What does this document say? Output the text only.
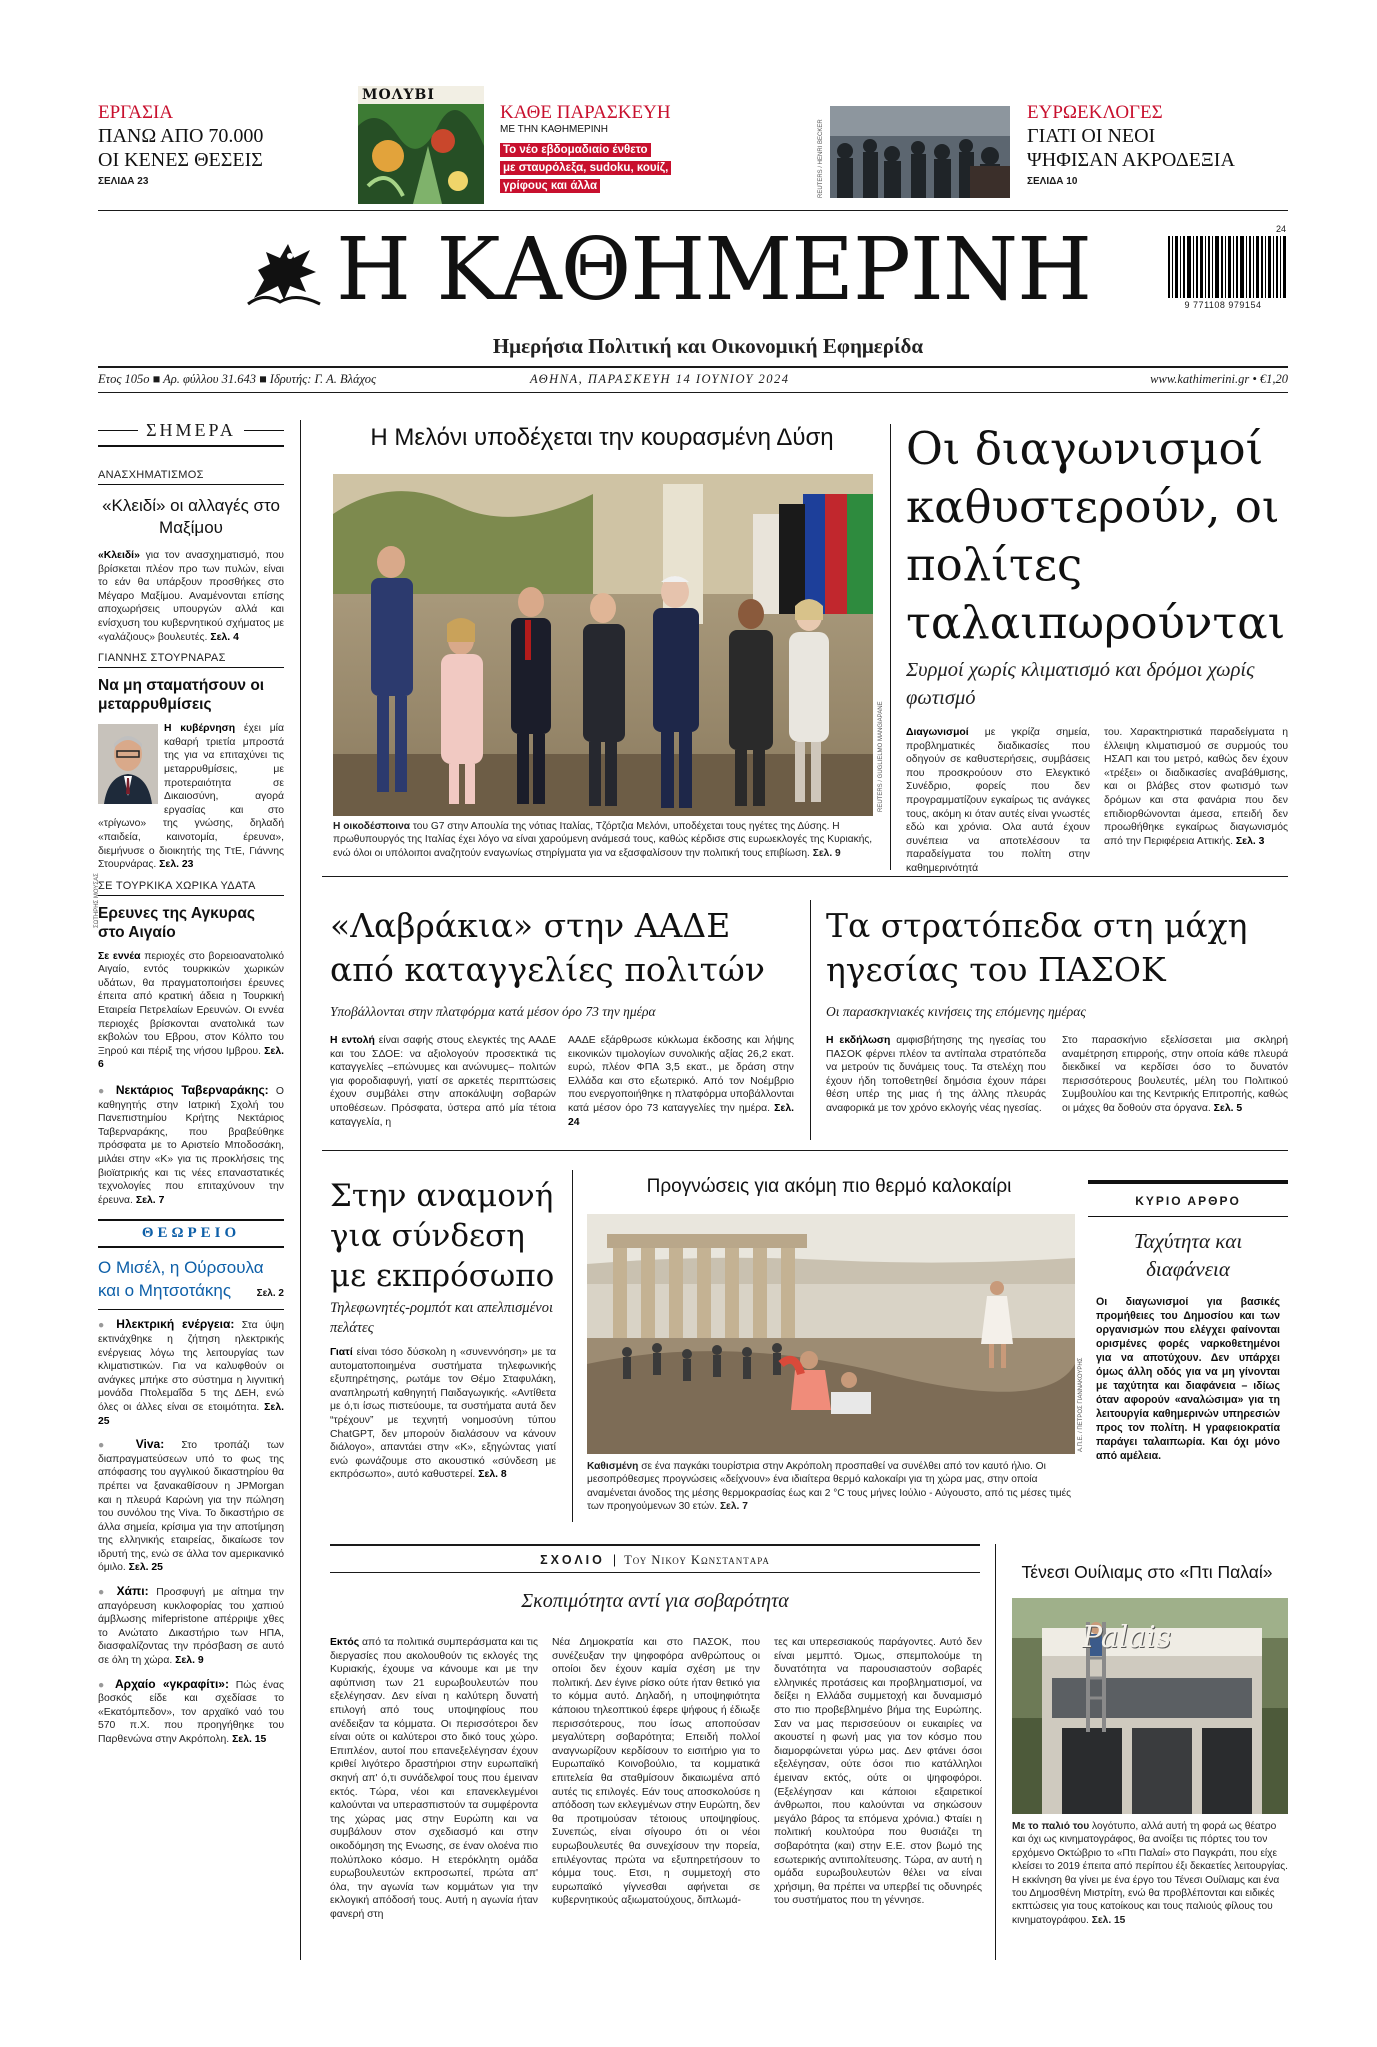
ΕΡΓΑΣΙΑ
ΠΑΝΩ ΑΠΟ 70.000
ΟΙ ΚΕΝΕΣ ΘΕΣΕΙΣ
ΣΕΛΙΔΑ 23
ΜΟΛΥΒΙ
ΚΑΘΕ ΠΑΡΑΣΚΕΥΗ
ΜΕ ΤΗΝ ΚΑΘΗΜΕΡΙΝΗ
Το νέο εβδομαδιαίο ένθετο
με σταυρόλεξα, sudoku, κουίζ,
γρίφους και άλλα	REUTERS / HENRI BECKER
ΕΥΡΩΕΚΛΟΓΕΣ
ΓΙΑΤΙ ΟΙ ΝΕΟΙ
ΨΗΦΙΣΑΝ ΑΚΡΟΔΕΞΙΑ
ΣΕΛΙΔΑ 10
Η ΚΑΘΗΜΕΡΙΝΗ
Ημερήσια Πολιτική και Οικονομική Εφημερίδα
24
9 771108 979154
Ετος 105ο ■ Αρ. φύλλου 31.643 ■ Ιδρυτής: Γ. Α. Βλάχος	ΑΘΗΝΑ, ΠΑΡΑΣΚΕΥΗ 14 ΙΟΥΝΙΟΥ 2024	www.kathimerini.gr • €1,20
ΣΗΜΕΡΑ
ΑΝΑΣΧΗΜΑΤΙΣΜΟΣ
«Κλειδί» οι αλλαγές στο Μαξίμου
«Κλειδί» για τον ανασχηματισμό, που βρίσκεται πλέον προ των πυλών, είναι το εάν θα υπάρξουν προσθήκες στο Μέγαρο Μαξίμου. Αναμένονται επίσης αποχωρήσεις υπουργών αλλά και ενίσχυση του κυβερνητικού σχήματος με «γαλάζιους» βουλευτές. Σελ. 4
ΓΙΑΝΝΗΣ ΣΤΟΥΡΝΑΡΑΣ
Να μη σταματήσουν οι μεταρρυθμίσεις
Η κυβέρνηση έχει μία καθαρή τριετία μπροστά της για να επιταχύνει τις μεταρρυθμίσεις, με προτεραιότητα σε Δικαιοσύνη, αγορά εργασίας και στο «τρίγωνο» της γνώσης, δηλαδή «παιδεία, καινοτομία, έρευνα», διεμήνυσε ο διοικητής της ΤτΕ, Γιάννης Στουρνάρας. Σελ. 23
ΣΕ ΤΟΥΡΚΙΚΑ ΧΩΡΙΚΑ ΥΔΑΤΑ
Ερευνες της Αγκυρας στο Αιγαίο
Σε εννέα περιοχές στο βορειοανατολικό Αιγαίο, εντός τουρκικών χωρικών υδάτων, θα πραγματοποιήσει έρευνες έπειτα από κρατική άδεια η Τουρκική Εταιρεία Πετρελαίων Ερευνών. Οι εννέα περιοχές βρίσκονται ανατολικά των εκβολών του Εβρου, στον Κόλπο του Ξηρού και πέριξ της νήσου Ιμβρου. Σελ. 6
● Νεκτάριος Ταβερναράκης: Ο καθηγητής στην Ιατρική Σχολή του Πανεπιστημίου Κρήτης Νεκτάριος Ταβερναράκης, που βραβεύθηκε πρόσφατα με το Αριστείο Μποδοσάκη, μιλάει στην «Κ» για τις προκλήσεις της βιοϊατρικής και τις νέες επαναστατικές τεχνολογίες που επιταχύνουν την έρευνα. Σελ. 7
ΘΕΩΡΕΙΟ
Ο Μισέλ, η Ούρσουλα και ο Μητσοτάκης	Σελ. 2
● Ηλεκτρική ενέργεια: Στα ύψη εκτινάχθηκε η ζήτηση ηλεκτρικής ενέργειας λόγω της λειτουργίας των κλιματιστικών. Για να καλυφθούν οι ανάγκες μπήκε στο σύστημα η λιγνιτική μονάδα Πτολεμαΐδα 5 της ΔΕΗ, ενώ όλες οι άλλες είναι σε ετοιμότητα. Σελ. 25
● Viva: Στο τροπάζι των διαπραγματεύσεων υπό το φως της απόφασης του αγγλικού δικαστηρίου θα πρέπει να ξανακαθίσουν η JPMorgan και η πλευρά Καρώνη για την πώληση του συνόλου της Viva. Το δικαστήριο σε άλλα σημεία, κρίσιμα για την αποτίμηση της ελληνικής εταιρείας, δικαίωσε τον ιδρυτή της, ενώ σε άλλα τον αμερικανικό όμιλο. Σελ. 25
● Χάπι: Προσφυγή με αίτημα την απαγόρευση κυκλοφορίας του χαπιού άμβλωσης mifepristone απέρριψε χθες το Ανώτατο Δικαστήριο των ΗΠΑ, διασφαλίζοντας την πρόσβαση σε αυτό σε όλη τη χώρα. Σελ. 9
● Αρχαίο «γκραφίτι»: Πώς ένας βοσκός είδε και σχεδίασε το «Εκατόμπεδον», τον αρχαϊκό ναό του 570 π.Χ. που προηγήθηκε του Παρθενώνα στην Ακρόπολη. Σελ. 15
Η Μελόνι υποδέχεται την κουρασμένη Δύση
REUTERS / GUGLIELMO MANGIAPANE
Η οικοδέσποινα του G7 στην Απουλία της νότιας Ιταλίας, Τζόρτζια Μελόνι, υποδέχεται τους ηγέτες της Δύσης. Η πρωθυπουργός της Ιταλίας έχει λόγο να είναι χαρούμενη ανάμεσά τους, καθώς κέρδισε στις ευρωεκλογές της Κυριακής, ενώ όλοι οι υπόλοιποι αναζητούν εναγωνίως στηρίγματα για να εξασφαλίσουν την πολιτική τους επιβίωση. Σελ. 9
Οι διαγωνισμοί καθυστερούν, οι πολίτες ταλαιπωρούνται
Συρμοί χωρίς κλιματισμό και δρόμοι χωρίς φωτισμό
Διαγωνισμοί με γκρίζα σημεία, προβληματικές διαδικασίες που οδηγούν σε καθυστερήσεις, συμβάσεις που προσκρούουν στο Ελεγκτικό Συνέδριο, φορείς που δεν προγραμματίζουν εγκαίρως τις ανάγκες τους, ακόμη κι όταν αυτές είναι γνωστές εδώ και χρόνια. Ολα αυτά έχουν συνέπεια να αποτελέσουν τα παραδείγματα του πολίτη στην καθημερινότητά
του. Χαρακτηριστικά παραδείγματα η έλλειψη κλιματισμού σε συρμούς του ΗΣΑΠ και του μετρό, καθώς δεν έχουν «τρέξει» οι διαδικασίες αναβάθμισης, και οι βλάβες στον φωτισμό των δρόμων και στα φανάρια που δεν επιδιορθώνονται άμεσα, επειδή δεν προωθήθηκε εγκαίρως διαγωνισμός από την Περιφέρεια Αττικής. Σελ. 3
«Λαβράκια» στην ΑΑΔΕ από καταγγελίες πολιτών
Υποβάλλονται στην πλατφόρμα κατά μέσον όρο 73 την ημέρα
Η εντολή είναι σαφής στους ελεγκτές της ΑΑΔΕ και του ΣΔΟΕ: να αξιολογούν προσεκτικά τις καταγγελίες –επώνυμες και ανώνυμες– πολιτών για φοροδιαφυγή, γιατί σε αρκετές περιπτώσεις έχουν συμβάλει στην αποκάλυψη σοβαρών υποθέσεων. Πρόσφατα, ύστερα από μία τέτοια καταγγελία, η
ΑΑΔΕ εξάρθρωσε κύκλωμα έκδοσης και λήψης εικονικών τιμολογίων συνολικής αξίας 26,2 εκατ. ευρώ, πλέον ΦΠΑ 3,5 εκατ., με δράση στην Ελλάδα και στο εξωτερικό. Από τον Νοέμβριο που ενεργοποιήθηκε η πλατφόρμα υποβάλλονται κατά μέσον όρο 73 καταγγελίες την ημέρα. Σελ. 24
Τα στρατόπεδα στη μάχη ηγεσίας του ΠΑΣΟΚ
Οι παρασκηνιακές κινήσεις της επόμενης ημέρας
Η εκδήλωση αμφισβήτησης της ηγεσίας του ΠΑΣΟΚ φέρνει πλέον τα αντίπαλα στρατόπεδα να μετρούν τις δυνάμεις τους. Τα στελέχη που έχουν ήδη τοποθετηθεί δημόσια έχουν πάρει θέση υπέρ της μιας ή της άλλης πλευράς αναφορικά με τον χρόνο εκλογής νέας ηγεσίας.
Στο παρασκήνιο εξελίσσεται μια σκληρή αναμέτρηση επιρροής, στην οποία κάθε πλευρά διεκδικεί να κερδίσει όσο το δυνατόν περισσότερους βουλευτές, μέλη του Πολιτικού Συμβουλίου και της Κεντρικής Επιτροπής, καθώς οι μάχες θα δοθούν στα όργανα. Σελ. 5
Στην αναμονή για σύνδεση με εκπρόσωπο
Τηλεφωνητές-ρομπότ και απελπισμένοι πελάτες
Γιατί είναι τόσο δύσκολη η «συνεννόηση» με τα αυτοματοποιημένα συστήματα τηλεφωνικής εξυπηρέτησης, ρωτάμε τον Θέμο Σταφυλάκη, αναπληρωτή καθηγητή Παιδαγωγικής. «Αντίθετα με ό,τι ίσως πιστεύουμε, τα συστήματα αυτά δεν “τρέχουν” με τεχνητή νοημοσύνη τύπου ChatGPT, δεν μπορούν διαλάσουν να κάνουν διάλογο», απαντάει στην «Κ», εξηγώντας γιατί ενώ φωνάζουμε στο ακουστικό «σύνδεση με εκπρόσωπο», αυτό καθυστερεί. Σελ. 8
Προγνώσεις για ακόμη πιο θερμό καλοκαίρι
Α.Π.Ε. / ΠΕΤΡΟΣ ΓΙΑΝΝΑΚΟΥΡΗΣ
Καθισμένη σε ένα παγκάκι τουρίστρια στην Ακρόπολη προσπαθεί να συνέλθει από τον καυτό ήλιο. Οι μεσοπρόθεσμες προγνώσεις «δείχνουν» ένα ιδιαίτερα θερμό καλοκαίρι για τη χώρα μας, στην οποία αναμένεται άνοδος της μέσης θερμοκρασίας έως και 2 °C τους μήνες Ιούλιο - Αύγουστο, από τις μέσες τιμές των προηγούμενων 30 ετών. Σελ. 7
ΚΥΡΙΟ ΑΡΘΡΟ
Ταχύτητα και διαφάνεια
Οι διαγωνισμοί για βασικές προμήθειες του Δημοσίου και των οργανισμών που ελέγχει φαίνονται ορισμένες φορές ναρκοθετημένοι για να αποτύχουν. Δεν υπάρχει όμως άλλη οδός για να μη γίνονται με ταχύτητα και διαφάνεια – ιδίως όταν αφορούν «αναλώσιμα» για τη λειτουργία καθημερινών υπηρεσιών προς τον πολίτη. Η γραφειοκρατία παράγει ταλαιπωρία. Και όχι μόνο από αμέλεια.
ΣΧΟΛΙΟ | Του Νικου Κωνσταντaρα
Σκοπιμότητα αντί για σοβαρότητα
Εκτός από τα πολιτικά συμπεράσματα και τις διεργασίες που ακολουθούν τις εκλογές της Κυριακής, έχουμε να κάνουμε και με την αφύπνιση των 21 ευρωβουλευτών που εξελέγησαν. Δεν είναι η καλύτερη δυνατή επιλογή από τους υποψηφίους που ανέδειξαν τα κόμματα. Οι περισσότεροι δεν είναι ούτε οι καλύτεροι στο δικό τους χώρο. Επιπλέον, αυτοί που επανεξελέγησαν έχουν κριθεί λιγότερο δραστήριοι στην ευρωπαϊκή σκηνή απ' ό,τι συνάδελφοί τους που έμειναν εκτός. Τώρα, νέοι και επανεκλεγμένοι καλούνται να υπερασπιστούν τα συμφέροντα της χώρας μας στην Ευρώπη και να συμβάλουν στον σχεδιασμό και στην οικοδόμηση της Ενωσης, σε έναν ολοένα πιο πολύπλοκο κόσμο. Η ετερόκλητη ομάδα ευρωβουλευτών εκπροσωπεί, πρώτα απ' όλα, την αγωνία των κομμάτων για την εκλογική απόδοσή τους. Αυτή η αγωνία ήταν φανερή στη
Νέα Δημοκρατία και στο ΠΑΣΟΚ, που συνέζευξαν την ψηφοφόρα ανθρώπους οι οποίοι δεν έχουν καμία σχέση με την πολιτική. Δεν έγινε ρίσκο ούτε ήταν θετικό για το κόμμα αυτό. Δηλαδή, η υποψηφιότητα κάποιου τηλεοπτικού έφερε ψήφους ή έδιωξε περισσότερους, που ίσως αποπούσαν μεγαλύτερη σοβαρότητα; Επειδή πολλοί αναγνωρίζουν κερδίσουν το εισιτήριο για το Ευρωπαϊκό Κοινοβούλιο, τα κομματικά επιτελεία θα σταθμίσουν δικαιωμένα από αυτές τις επιλογές. Εάν τους αποσκολούσε η απόδοση των εκλεγμένων στην Ευρώπη, δεν θα προτιμούσαν τέτοιους υποψηφίους. Συνεπώς, είναι σίγουρο ότι οι νέοι ευρωβουλευτές θα συνεχίσουν την πορεία, επιλέγοντας πρώτα να εξυπηρετήσουν το κόμμα τους. Ετσι, η συμμετοχή στο ευρωπαϊκό γίγνεσθαι αφήνεται σε κυβερνητικούς αξιωματούχους, διπλωμά-
τες και υπερεσιακούς παράγοντες. Αυτό δεν είναι μεμπτό. Όμως, σπεμπολούμε τη δυνατότητα να παρουσιαστούν σοβαρές ελληνικές προτάσεις και προβληματισμοί, να δείξει η Ελλάδα συμμετοχή και δυναμισμό στο πιο προβεβλημένο βήμα της Ευρώπης. Σαν να μας περισσεύουν οι ευκαιρίες να ακουστεί η φωνή μας για τον κόσμο που διαμορφώνεται γύρω μας. Δεν φτάνει όσοι εξελέγησαν, ούτε όσοι πιο κατάλληλοι έμειναν εκτός, ούτε οι ψηφοφόροι. (Εξελέγησαν και κάποιοι εξαιρετικοί άνθρωποι, που καλούνται να σηκώσουν μεγάλο βάρος τα επόμενα χρόνια.) Φταίει η πολιτική κουλτούρα που θυσιάζει τη σοβαρότητα (και) στην Ε.Ε. στον βωμό της εσωτερικής αντιπολίτευσης. Τώρα, αν αυτή η ομάδα ευρωβουλευτών θέλει να είναι χρήσιμη, θα πρέπει να υπερβεί τις οδυνηρές του συστήματος που τη γέννησε.
Τένεσι Ουίλιαμς στο «Πτι Παλαί»
Palais
Με το παλιό του λογότυπο, αλλά αυτή τη φορά ως θέατρο και όχι ως κινηματογράφος, θα ανοίξει τις πόρτες του τον ερχόμενο Οκτώβριο το «Πτι Παλαί» στο Παγκράτι, που είχε κλείσει το 2019 έπειτα από περίπου έξι δεκαετίες λειτουργίας. Η εκκίνηση θα γίνει με ένα έργο του Τένεσι Ουίλιαμς και ένα του Δημοσθένη Μιστρίτη, ενώ θα προβλέπονται και ειδικές εκπτώσεις για τους κατοίκους και τους παλιούς φίλους του κινηματογράφου. Σελ. 15
ΣΩΤΗΡΗΣ ΜΟΥΣΑΣ
